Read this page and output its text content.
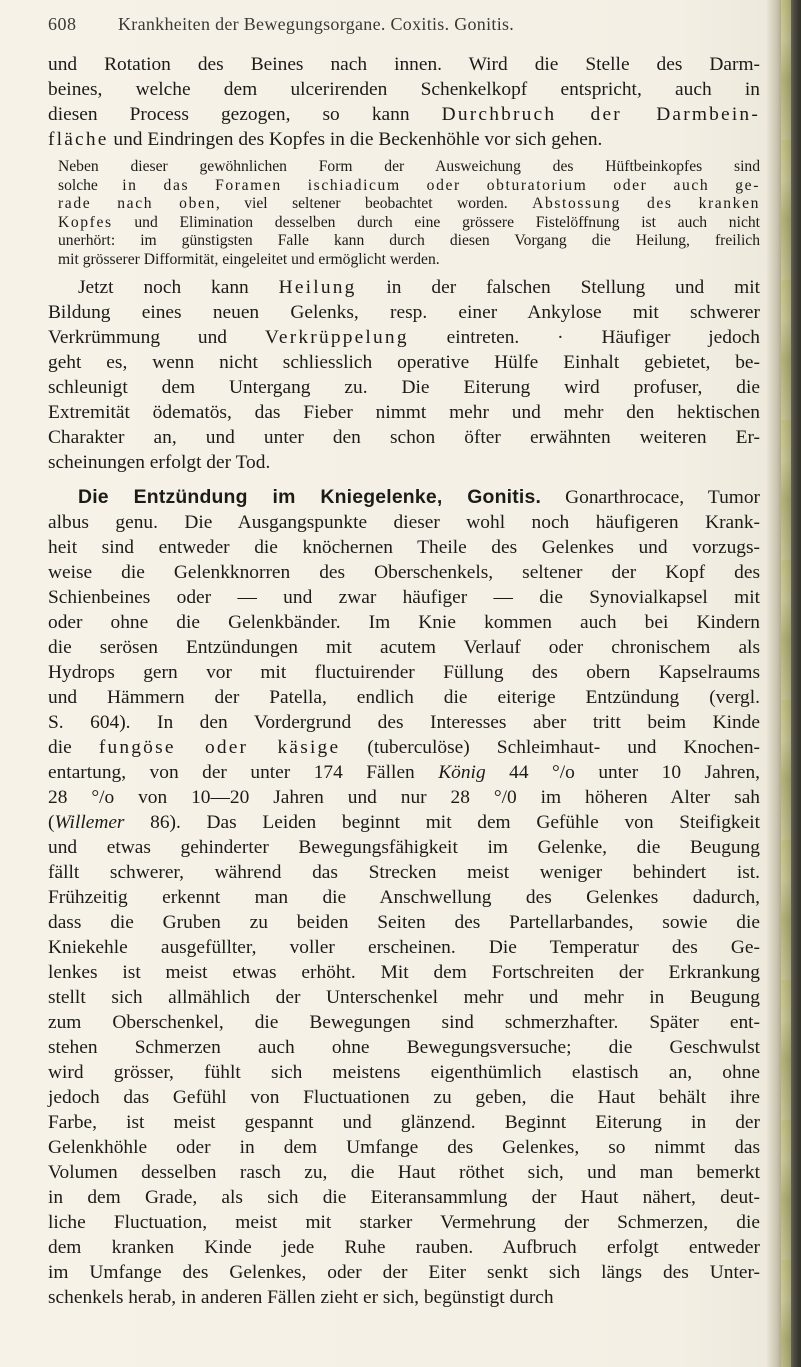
608 Krankheiten der Bewegungsorgane. Coxitis. Gonitis.
und Rotation des Beines nach innen. Wird die Stelle des Darm-
beines, welche dem ulcerirenden Schenkelkopf entspricht, auch in
diesen Process gezogen, so kann Durchbruch der Darmbein-
fläche und Eindringen des Kopfes in die Beckenhöhle vor sich gehen.
Neben dieser gewöhnlichen Form der Ausweichung des Hüftbeinkopfes sind
solche in das Foramen ischiadicum oder obturatorium oder auch ge-
rade nach oben, viel seltener beobachtet worden. Abstossung des kranken
Kopfes und Elimination desselben durch eine grössere Fistelöffnung ist auch nicht
unerhört: im günstigsten Falle kann durch diesen Vorgang die Heilung, freilich
mit grösserer Difformität, eingeleitet und ermöglicht werden.
Jetzt noch kann Heilung in der falschen Stellung und mit
Bildung eines neuen Gelenks, resp. einer Ankylose mit schwerer
Verkrümmung und Verkrüppelung eintreten. · Häufiger jedoch
geht es, wenn nicht schliesslich operative Hülfe Einhalt gebietet, be-
schleunigt dem Untergang zu. Die Eiterung wird profuser, die
Extremität ödematös, das Fieber nimmt mehr und mehr den hektischen
Charakter an, und unter den schon öfter erwähnten weiteren Er-
scheinungen erfolgt der Tod.
Die Entzündung im Kniegelenke, Gonitis. Gonarthrocace, Tumor
albus genu. Die Ausgangspunkte dieser wohl noch häufigeren Krank-
heit sind entweder die knöchernen Theile des Gelenkes und vorzugs-
weise die Gelenkknorren des Oberschenkels, seltener der Kopf des
Schienbeines oder — und zwar häufiger — die Synovialkapsel mit
oder ohne die Gelenkbänder. Im Knie kommen auch bei Kindern
die serösen Entzündungen mit acutem Verlauf oder chronischem als
Hydrops gern vor mit fluctuirender Füllung des obern Kapselraums
und Hämmern der Patella, endlich die eiterige Entzündung (vergl.
S. 604). In den Vordergrund des Interesses aber tritt beim Kinde
die fungöse oder käsige (tuberculöse) Schleimhaut- und Knochen-
entartung, von der unter 174 Fällen König 44 °/o unter 10 Jahren,
28 °/o von 10—20 Jahren und nur 28 °/0 im höheren Alter sah
(Willemer 86). Das Leiden beginnt mit dem Gefühle von Steifigkeit
und etwas gehinderter Bewegungsfähigkeit im Gelenke, die Beugung
fällt schwerer, während das Strecken meist weniger behindert ist.
Frühzeitig erkennt man die Anschwellung des Gelenkes dadurch,
dass die Gruben zu beiden Seiten des Partellarbandes, sowie die
Kniekehle ausgefüllter, voller erscheinen. Die Temperatur des Ge-
lenkes ist meist etwas erhöht. Mit dem Fortschreiten der Erkrankung
stellt sich allmählich der Unterschenkel mehr und mehr in Beugung
zum Oberschenkel, die Bewegungen sind schmerzhafter. Später ent-
stehen Schmerzen auch ohne Bewegungsversuche; die Geschwulst
wird grösser, fühlt sich meistens eigenthümlich elastisch an, ohne
jedoch das Gefühl von Fluctuationen zu geben, die Haut behält ihre
Farbe, ist meist gespannt und glänzend. Beginnt Eiterung in der
Gelenkhöhle oder in dem Umfange des Gelenkes, so nimmt das
Volumen desselben rasch zu, die Haut röthet sich, und man bemerkt
in dem Grade, als sich die Eiteransammlung der Haut nähert, deut-
liche Fluctuation, meist mit starker Vermehrung der Schmerzen, die
dem kranken Kinde jede Ruhe rauben. Aufbruch erfolgt entweder
im Umfange des Gelenkes, oder der Eiter senkt sich längs des Unter-
schenkels herab, in anderen Fällen zieht er sich, begünstigt durch
